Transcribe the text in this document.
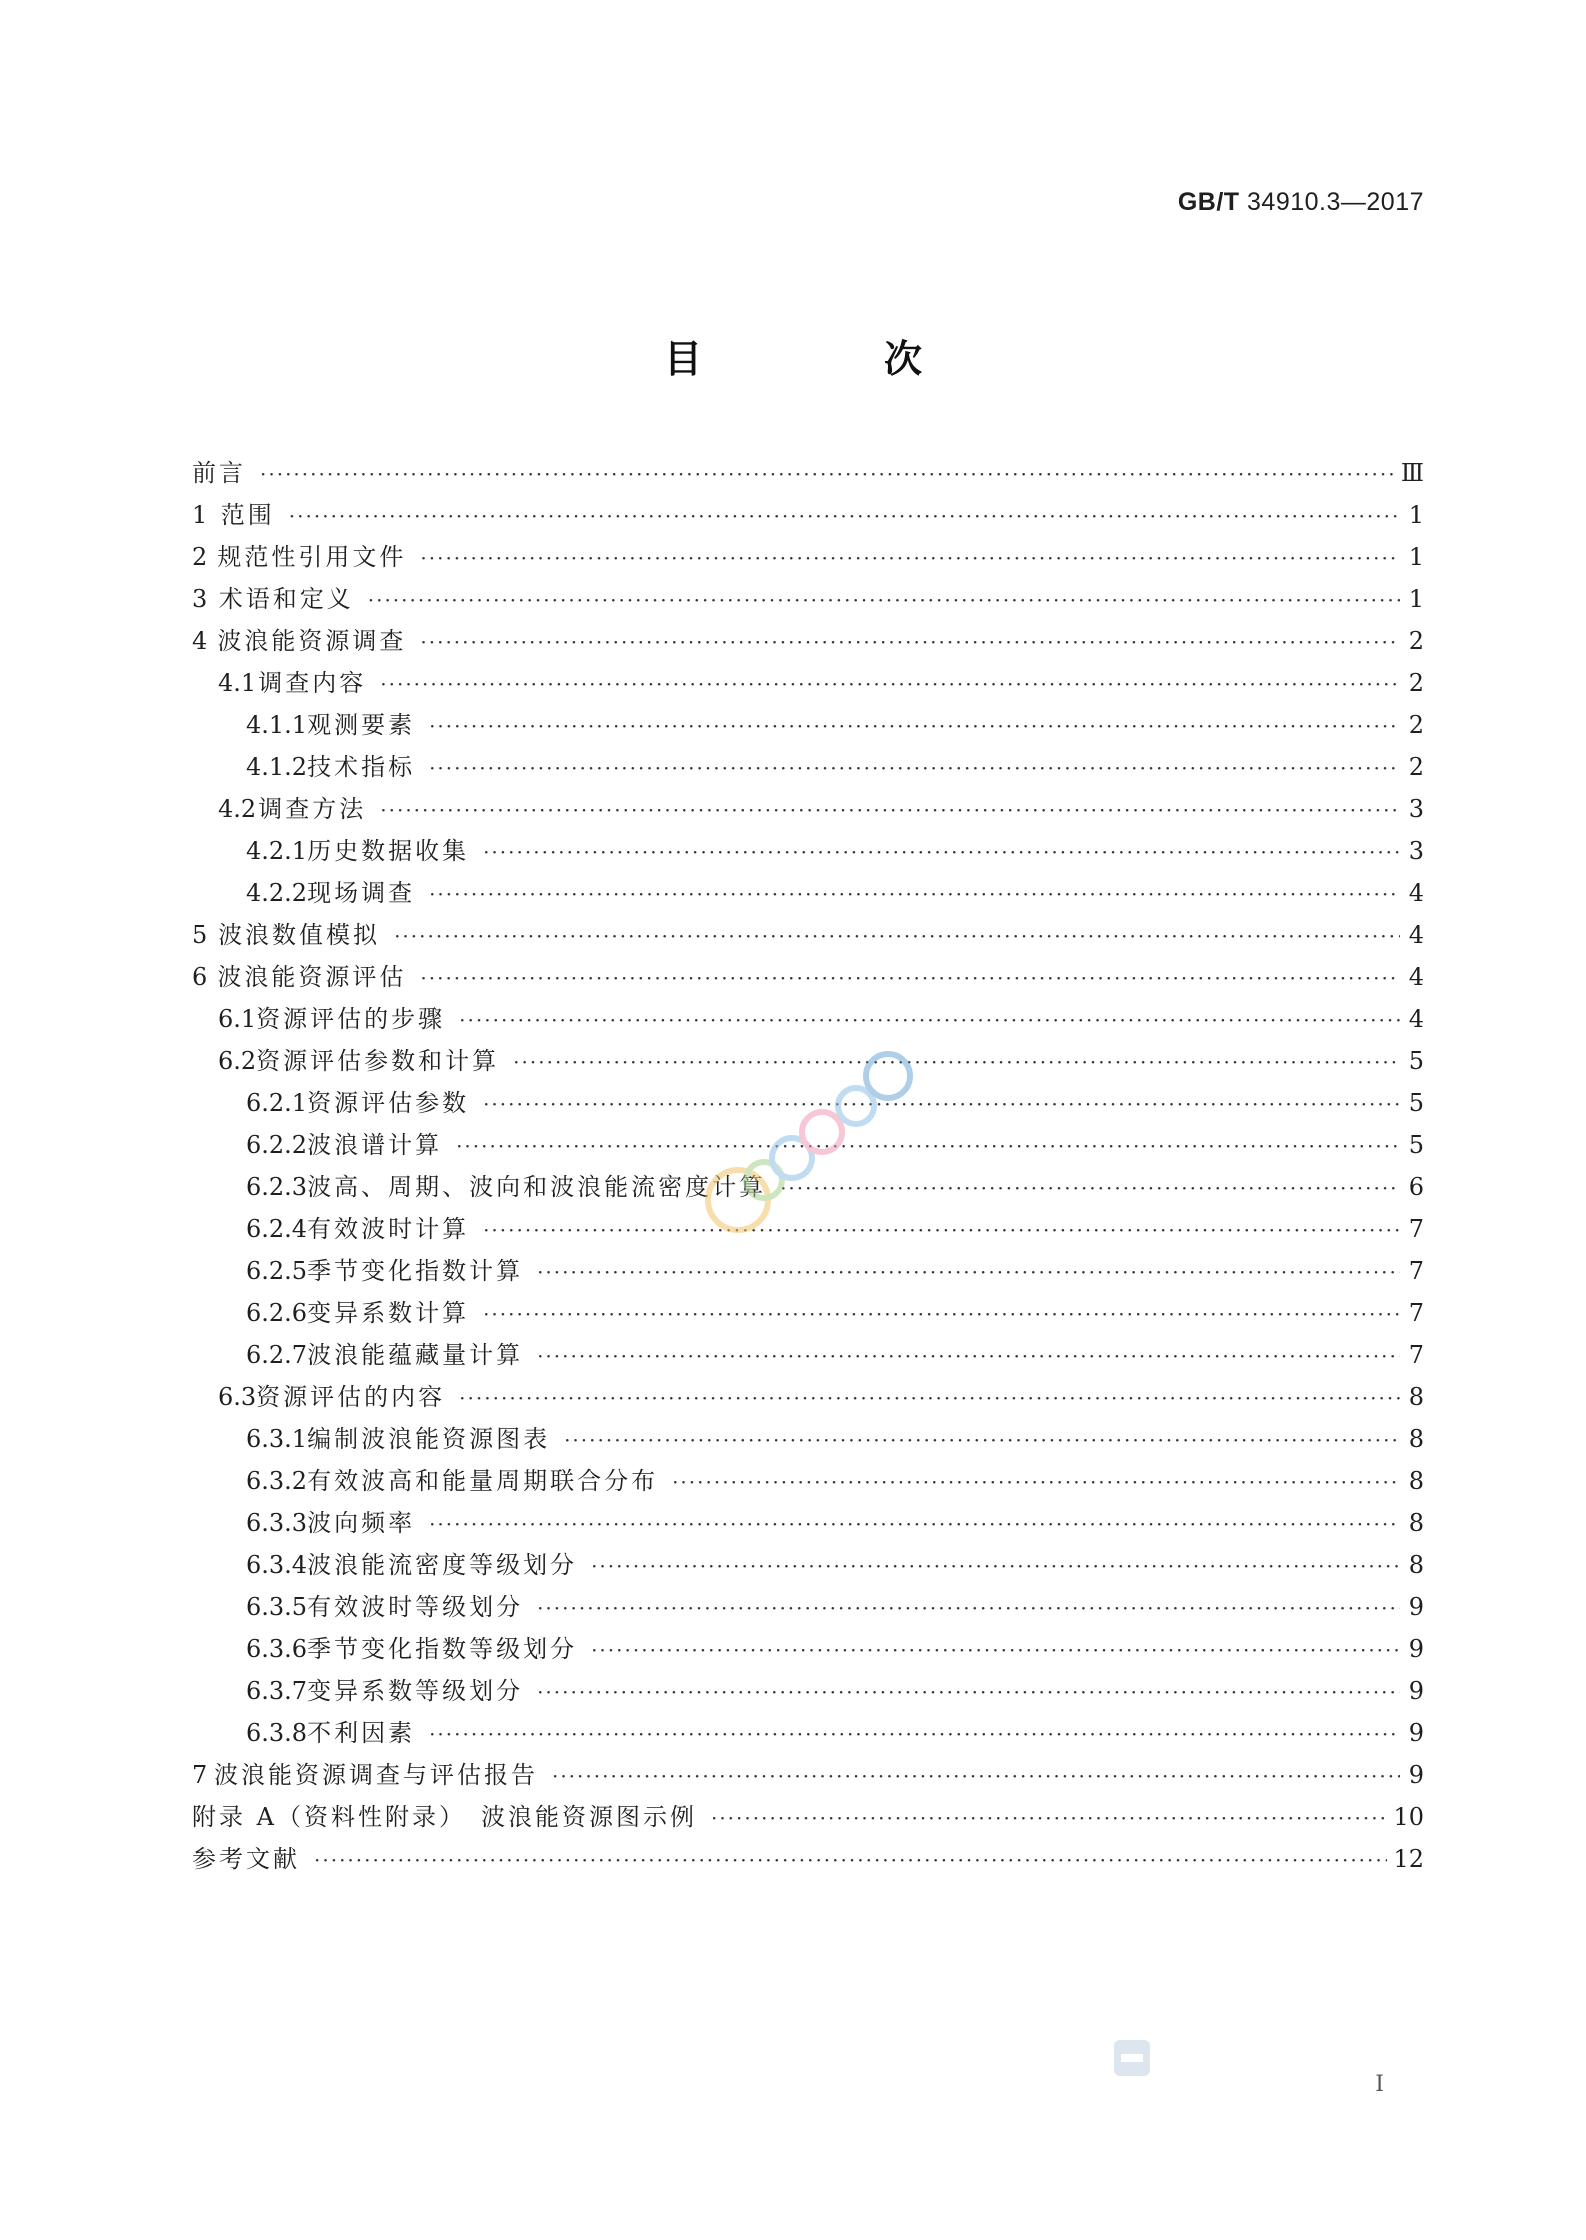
GB/T 34910.3—2017
目　次
前言 ·····	Ⅲ
1 范围 ·····	1
2 规范性引用文件 ·····	1
3 术语和定义 ·····	1
4 波浪能资源调查 ·····	2
4.1 调查内容 ·····	2
4.1.1 观测要素 ·····	2
4.1.2 技术指标 ·····	2
4.2 调查方法 ·····	3
4.2.1 历史数据收集 ·····	3
4.2.2 现场调查 ·····	4
5 波浪数值模拟 ·····	4
6 波浪能资源评估 ·····	4
6.1 资源评估的步骤 ·····	4
6.2 资源评估参数和计算 ·····	5
6.2.1 资源评估参数 ·····	5
6.2.2 波浪谱计算 ·····	5
6.2.3 波高、周期、波向和波浪能流密度计算 ·····	6
6.2.4 有效波时计算 ·····	7
6.2.5 季节变化指数计算 ·····	7
6.2.6 变异系数计算 ·····	7
6.2.7 波浪能蕴藏量计算 ·····	7
6.3 资源评估的内容 ·····	8
6.3.1 编制波浪能资源图表 ·····	8
6.3.2 有效波高和能量周期联合分布 ·····	8
6.3.3 波向频率 ·····	8
6.3.4 波浪能流密度等级划分 ·····	8
6.3.5 有效波时等级划分 ·····	9
6.3.6 季节变化指数等级划分 ·····	9
6.3.7 变异系数等级划分 ·····	9
6.3.8 不利因素 ·····	9
7 波浪能资源调查与评估报告 ·····	9
附录 A（资料性附录）　波浪能资源图示例 ·····	10
参考文献 ·····	12
I
